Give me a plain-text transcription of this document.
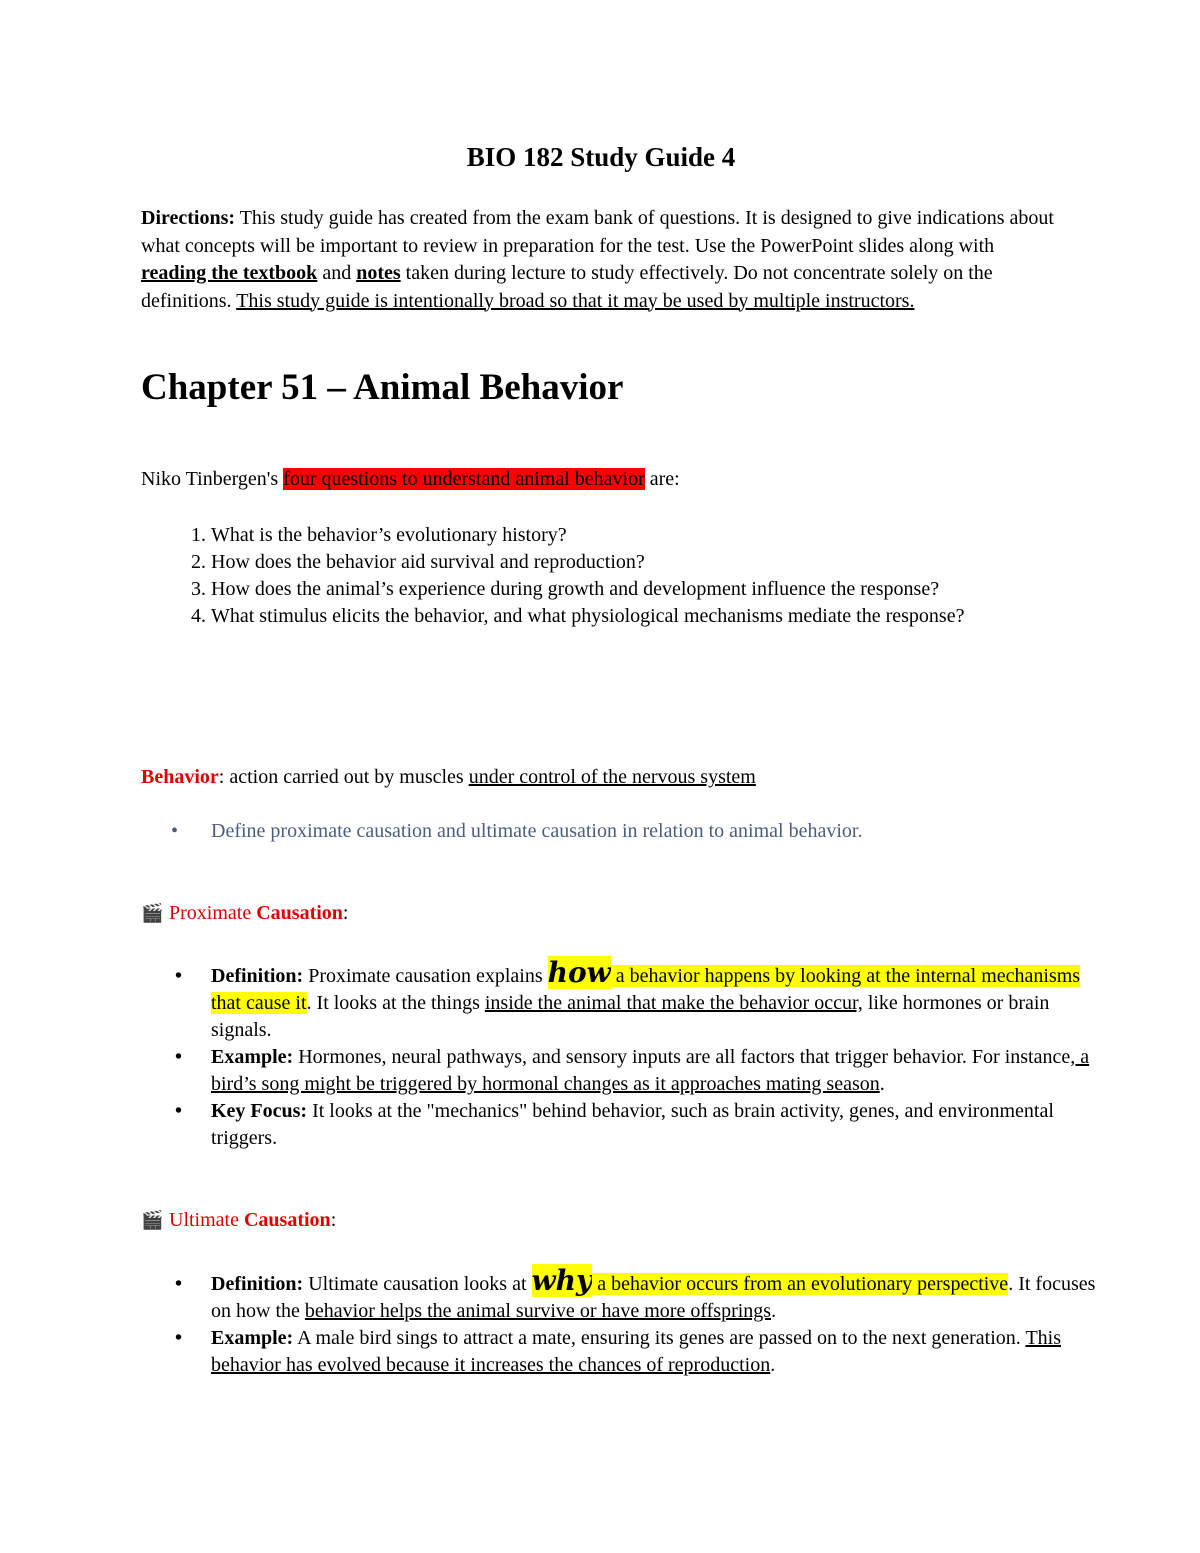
BIO 182 Study Guide 4
Directions: This study guide has created from the exam bank of questions. It is designed to give indications about what concepts will be important to review in preparation for the test. Use the PowerPoint slides along with reading the textbook and notes taken during lecture to study effectively. Do not concentrate solely on the definitions. This study guide is intentionally broad so that it may be used by multiple instructors.
Chapter 51 – Animal Behavior
Niko Tinbergen's four questions to understand animal behavior are:
1. What is the behavior’s evolutionary history?
2. How does the behavior aid survival and reproduction?
3. How does the animal’s experience during growth and development influence the response?
4. What stimulus elicits the behavior, and what physiological mechanisms mediate the response?
Behavior: action carried out by muscles under control of the nervous system
• Define proximate causation and ultimate causation in relation to animal behavior.
🎬 Proximate Causation:
• Definition: Proximate causation explains how a behavior happens by looking at the internal mechanisms that cause it. It looks at the things inside the animal that make the behavior occur, like hormones or brain signals.
• Example: Hormones, neural pathways, and sensory inputs are all factors that trigger behavior. For instance, a bird’s song might be triggered by hormonal changes as it approaches mating season.
• Key Focus: It looks at the "mechanics" behind behavior, such as brain activity, genes, and environmental triggers.
🎬 Ultimate Causation:
• Definition: Ultimate causation looks at why a behavior occurs from an evolutionary perspective. It focuses on how the behavior helps the animal survive or have more offsprings.
• Example: A male bird sings to attract a mate, ensuring its genes are passed on to the next generation. This behavior has evolved because it increases the chances of reproduction.
